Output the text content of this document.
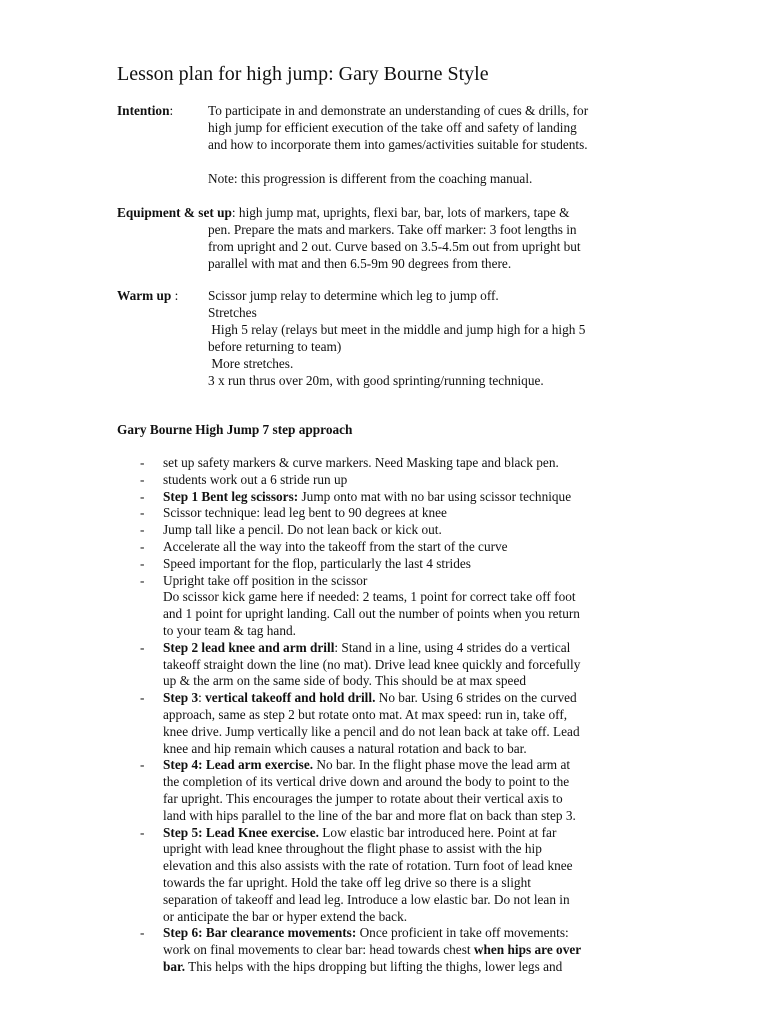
Lesson plan for high jump: Gary Bourne Style
Intention:	To participate in and demonstrate an understanding of cues & drills, for
high jump for efficient execution of the take off and safety of landing
and how to incorporate them into games/activities suitable for students.
Note: this progression is different from the coaching manual.
Equipment & set up: high jump mat, uprights, flexi bar, bar, lots of markers, tape &
pen. Prepare the mats and markers. Take off marker: 3 foot lengths in
from upright and 2 out. Curve based on 3.5-4.5m out from upright but
parallel with mat and then 6.5-9m 90 degrees from there.
Warm up : Scissor jump relay to determine which leg to jump off.
Stretches
High 5 relay (relays but meet in the middle and jump high for a high 5
before returning to team)
More stretches.
3 x run thrus over 20m, with good sprinting/running technique.
Gary Bourne High Jump 7 step approach
- set up safety markers & curve markers. Need Masking tape and black pen.
- students work out a 6 stride run up
- Step 1 Bent leg scissors: Jump onto mat with no bar using scissor technique
- Scissor technique: lead leg bent to 90 degrees at knee
- Jump tall like a pencil. Do not lean back or kick out.
- Accelerate all the way into the takeoff from the start of the curve
- Speed important for the flop, particularly the last 4 strides
- Upright take off position in the scissor
Do scissor kick game here if needed: 2 teams, 1 point for correct take off foot
and 1 point for upright landing. Call out the number of points when you return
to your team & tag hand.
- Step 2 lead knee and arm drill: Stand in a line, using 4 strides do a vertical
takeoff straight down the line (no mat). Drive lead knee quickly and forcefully
up & the arm on the same side of body. This should be at max speed
- Step 3: vertical takeoff and hold drill. No bar. Using 6 strides on the curved
approach, same as step 2 but rotate onto mat. At max speed: run in, take off,
knee drive. Jump vertically like a pencil and do not lean back at take off. Lead
knee and hip remain which causes a natural rotation and back to bar.
- Step 4: Lead arm exercise. No bar. In the flight phase move the lead arm at
the completion of its vertical drive down and around the body to point to the
far upright. This encourages the jumper to rotate about their vertical axis to
land with hips parallel to the line of the bar and more flat on back than step 3.
- Step 5: Lead Knee exercise. Low elastic bar introduced here. Point at far
upright with lead knee throughout the flight phase to assist with the hip
elevation and this also assists with the rate of rotation. Turn foot of lead knee
towards the far upright. Hold the take off leg drive so there is a slight
separation of takeoff and lead leg. Introduce a low elastic bar. Do not lean in
or anticipate the bar or hyper extend the back.
- Step 6: Bar clearance movements: Once proficient in take off movements:
work on final movements to clear bar: head towards chest when hips are over
bar. This helps with the hips dropping but lifting the thighs, lower legs and
